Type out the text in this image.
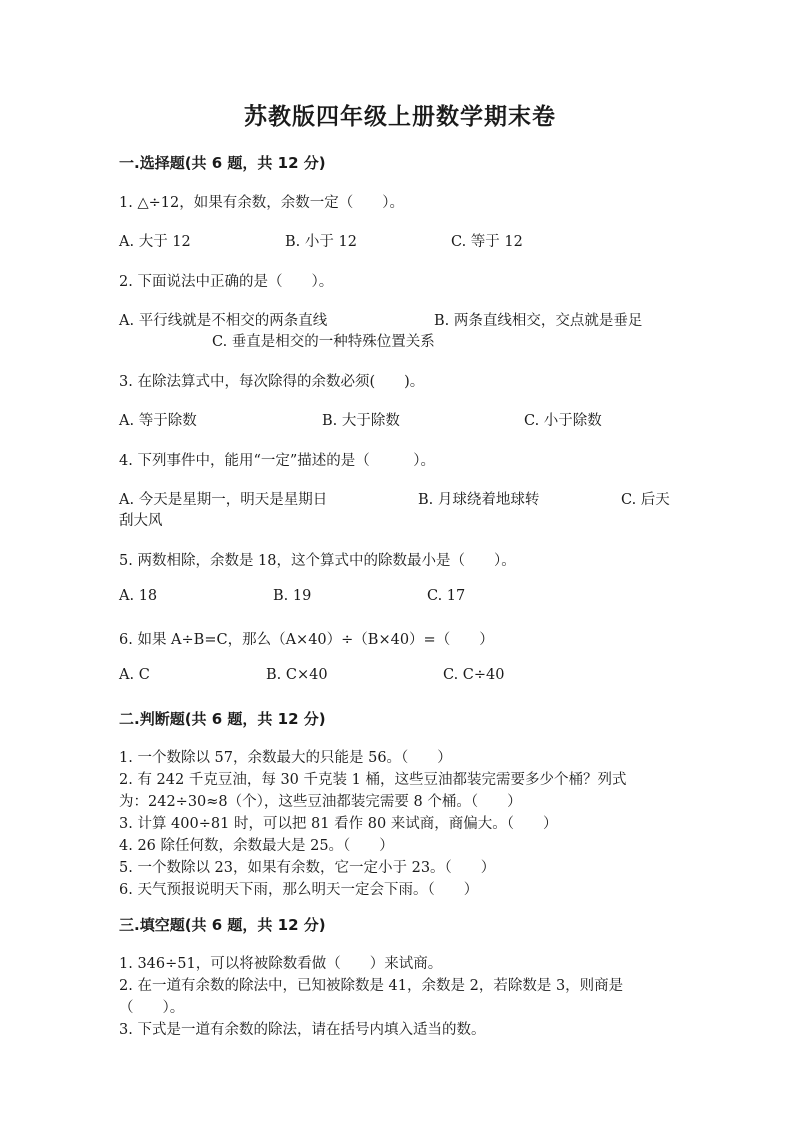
苏教版四年级上册数学期末卷
一.选择题(共 6 题，共 12 分)
1. △÷12，如果有余数，余数一定（　　）。
A. 大于 12	B. 小于 12	C. 等于 12
2. 下面说法中正确的是（　　）。
A. 平行线就是不相交的两条直线	B. 两条直线相交，交点就是垂足
C. 垂直是相交的一种特殊位置关系
3. 在除法算式中，每次除得的余数必须(　　)。
A. 等于除数	B. 大于除数	C. 小于除数
4. 下列事件中，能用“一定”描述的是（　　　）。
A. 今天是星期一，明天是星期日	B. 月球绕着地球转	C. 后天
刮大风
5. 两数相除，余数是 18，这个算式中的除数最小是（　　）。
A. 18	B. 19	C. 17
6. 如果 A÷B=C，那么（A×40）÷（B×40）=（　　）
A. C	B. C×40	C. C÷40
二.判断题(共 6 题，共 12 分)
1. 一个数除以 57，余数最大的只能是 56。（　　）
2. 有 242 千克豆油，每 30 千克装 1 桶，这些豆油都装完需要多少个桶？列式
为：242÷30≈8（个），这些豆油都装完需要 8 个桶。（　　）
3. 计算 400÷81 时，可以把 81 看作 80 来试商，商偏大。（　　）
4. 26 除任何数，余数最大是 25。（　　）
5. 一个数除以 23，如果有余数，它一定小于 23。（　　）
6. 天气预报说明天下雨，那么明天一定会下雨。（　　）
三.填空题(共 6 题，共 12 分)
1. 346÷51，可以将被除数看做（　　）来试商。
2. 在一道有余数的除法中，已知被除数是 41，余数是 2，若除数是 3，则商是
（　　）。
3. 下式是一道有余数的除法，请在括号内填入适当的数。
